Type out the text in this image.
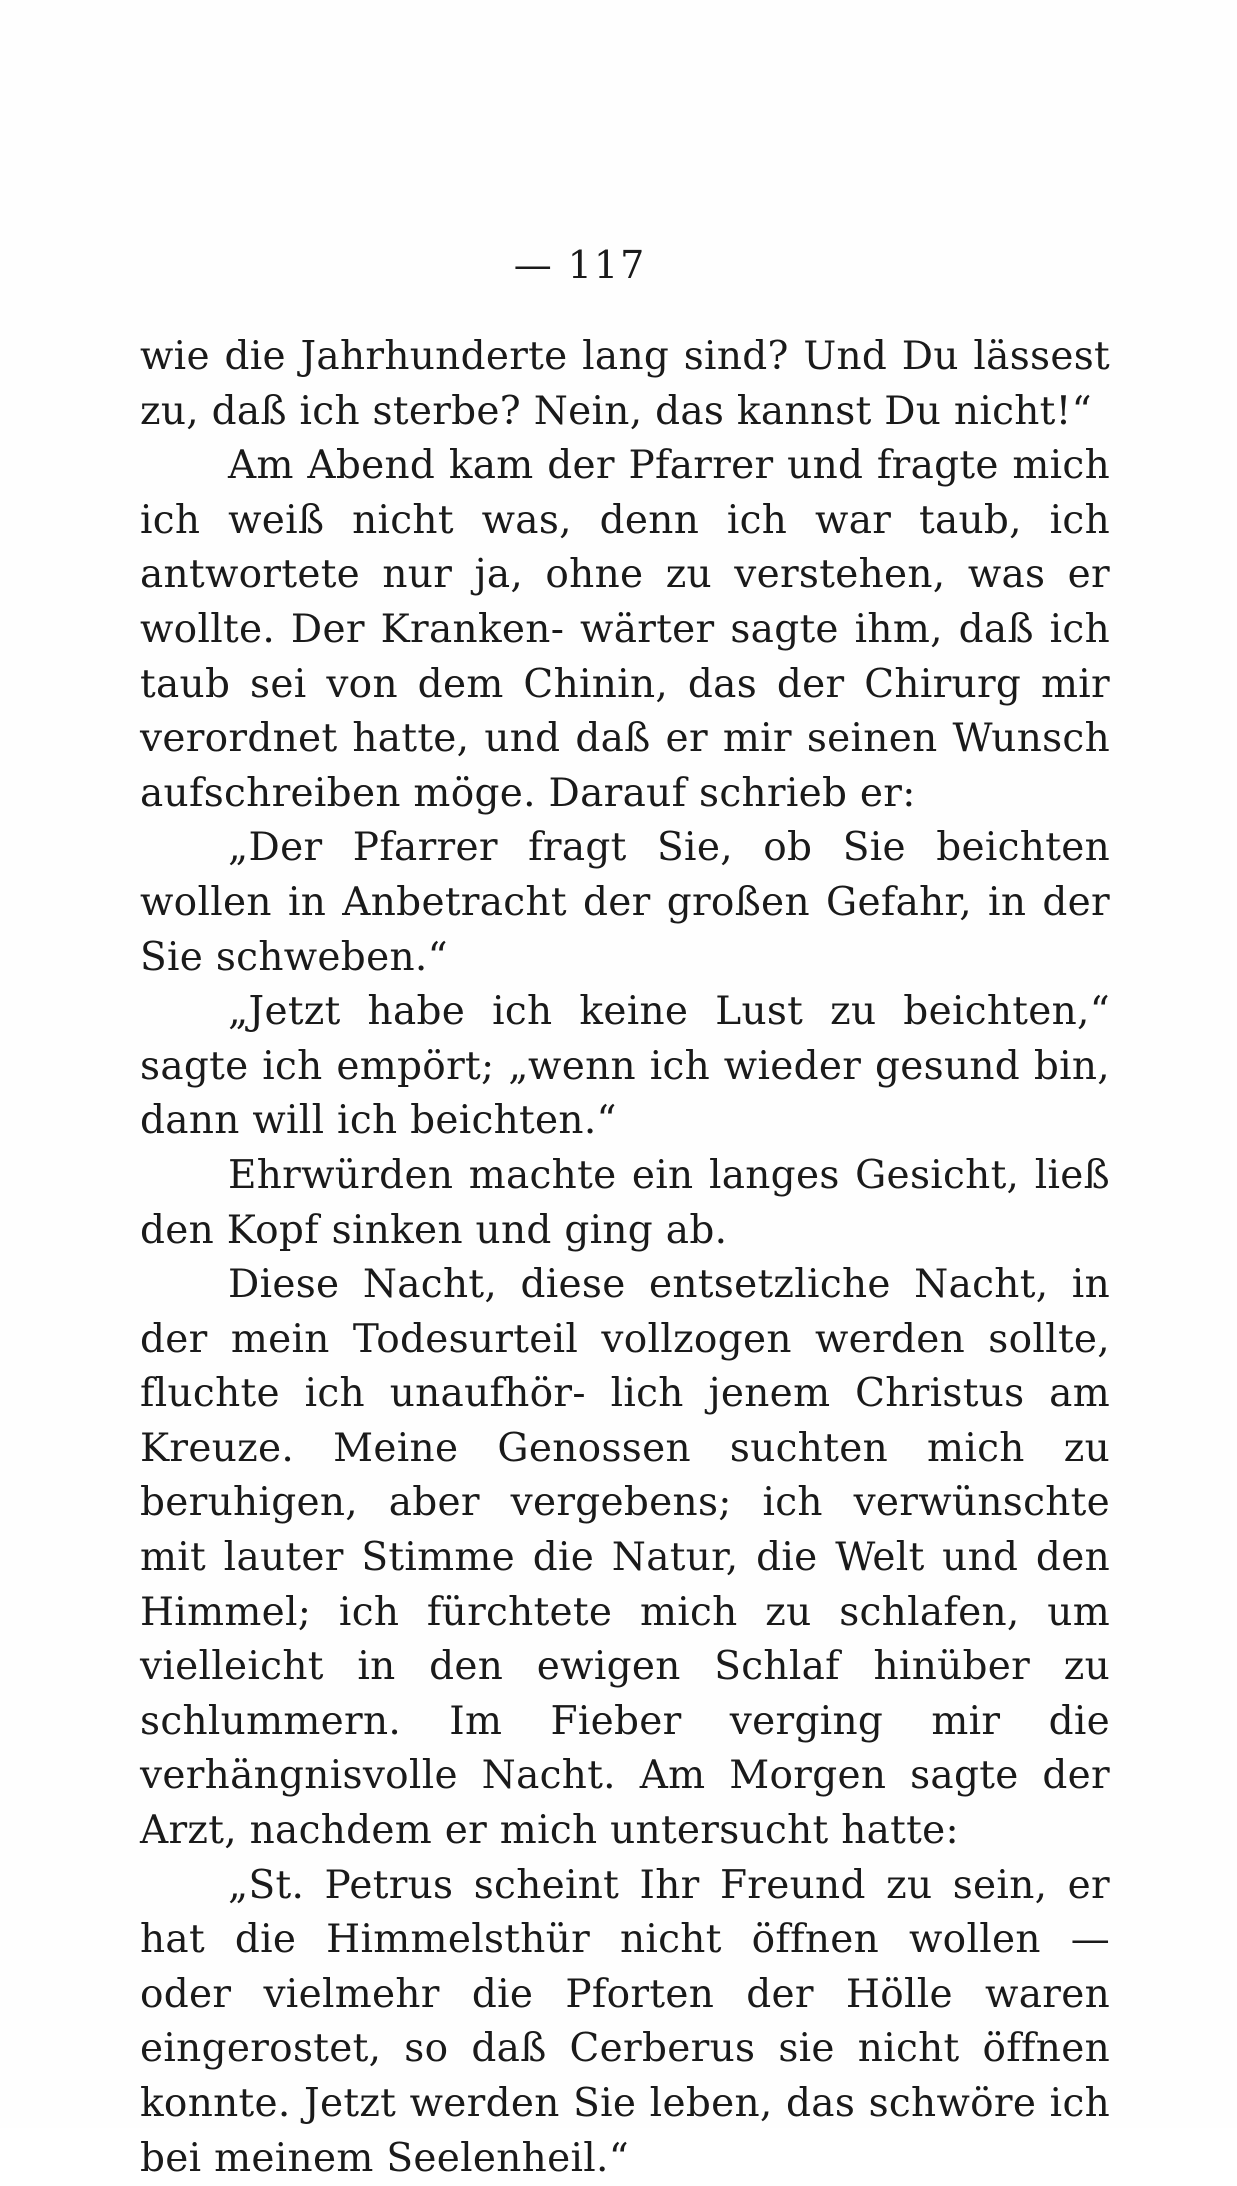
— 117

wie die Jahrhunderte lang sind? Und Du lässest zu, daß ich sterbe? Nein, das kannst Du nicht!“

Am Abend kam der Pfarrer und fragte mich ich weiß nicht was, denn ich war taub, ich antwortete nur ja, ohne zu verstehen, was er wollte. Der Kranken- wärter sagte ihm, daß ich taub sei von dem Chinin, das der Chirurg mir verordnet hatte, und daß er mir seinen Wunsch aufschreiben möge. Darauf schrieb er:

„Der Pfarrer fragt Sie, ob Sie beichten wollen in Anbetracht der großen Gefahr, in der Sie schweben.“

„Jetzt habe ich keine Lust zu beichten,“ sagte ich empört; „wenn ich wieder gesund bin, dann will ich beichten.“

Ehrwürden machte ein langes Gesicht, ließ den Kopf sinken und ging ab.

Diese Nacht, diese entsetzliche Nacht, in der mein Todesurteil vollzogen werden sollte, fluchte ich unaufhör- lich jenem Christus am Kreuze. Meine Genossen suchten mich zu beruhigen, aber vergebens; ich verwünschte mit lauter Stimme die Natur, die Welt und den Himmel; ich fürchtete mich zu schlafen, um vielleicht in den ewigen Schlaf hinüber zu schlummern. Im Fieber verging mir die verhängnisvolle Nacht. Am Morgen sagte der Arzt, nachdem er mich untersucht hatte:

„St. Petrus scheint Ihr Freund zu sein, er hat die Himmelsthür nicht öffnen wollen — oder vielmehr die Pforten der Hölle waren eingerostet, so daß Cerberus sie nicht öffnen konnte. Jetzt werden Sie leben, das schwöre ich bei meinem Seelenheil.“
